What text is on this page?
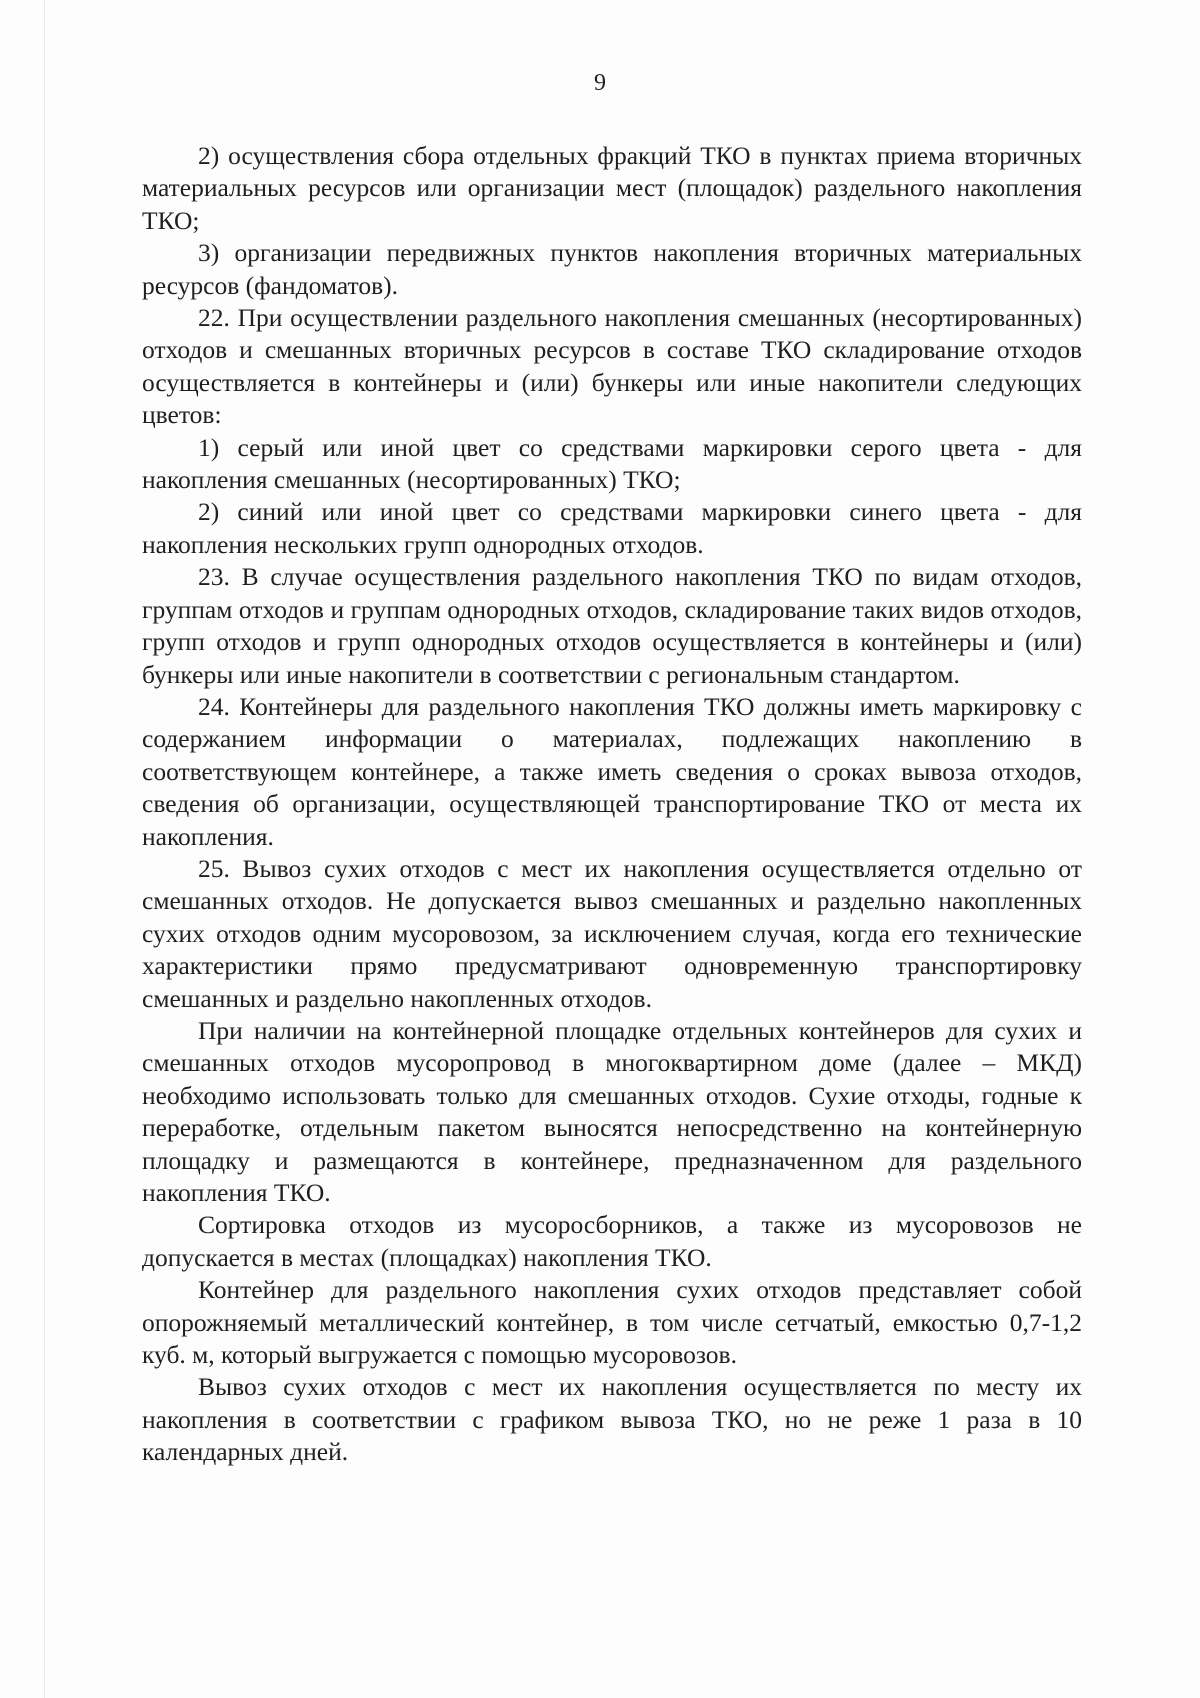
9

2) осуществления сбора отдельных фракций ТКО в пунктах приема вторичных материальных ресурсов или организации мест (площадок) раздельного накопления ТКО;

3) организации передвижных пунктов накопления вторичных материальных ресурсов (фандоматов).

22. При осуществлении раздельного накопления смешанных (несортированных) отходов и смешанных вторичных ресурсов в составе ТКО складирование отходов осуществляется в контейнеры и (или) бункеры или иные накопители следующих цветов:

1) серый или иной цвет со средствами маркировки серого цвета - для накопления смешанных (несортированных) ТКО;

2) синий или иной цвет со средствами маркировки синего цвета - для накопления нескольких групп однородных отходов.

23. В случае осуществления раздельного накопления ТКО по видам отходов, группам отходов и группам однородных отходов, складирование таких видов отходов, групп отходов и групп однородных отходов осуществляется в контейнеры и (или) бункеры или иные накопители в соответствии с региональным стандартом.

24. Контейнеры для раздельного накопления ТКО должны иметь маркировку с содержанием информации о материалах, подлежащих накоплению в соответствующем контейнере, а также иметь сведения о сроках вывоза отходов, сведения об организации, осуществляющей транспортирование ТКО от места их накопления.

25. Вывоз сухих отходов с мест их накопления осуществляется отдельно от смешанных отходов. Не допускается вывоз смешанных и раздельно накопленных сухих отходов одним мусоровозом, за исключением случая, когда его технические характеристики прямо предусматривают одновременную транспортировку смешанных и раздельно накопленных отходов.

При наличии на контейнерной площадке отдельных контейнеров для сухих и смешанных отходов мусоропровод в многоквартирном доме (далее – МКД) необходимо использовать только для смешанных отходов. Сухие отходы, годные к переработке, отдельным пакетом выносятся непосредственно на контейнерную площадку и размещаются в контейнере, предназначенном для раздельного накопления ТКО.

Сортировка отходов из мусоросборников, а также из мусоровозов не допускается в местах (площадках) накопления ТКО.

Контейнер для раздельного накопления сухих отходов представляет собой опорожняемый металлический контейнер, в том числе сетчатый, емкостью 0,7-1,2 куб. м, который выгружается с помощью мусоровозов.

Вывоз сухих отходов с мест их накопления осуществляется по месту их накопления в соответствии с графиком вывоза ТКО, но не реже 1 раза в 10 календарных дней.
